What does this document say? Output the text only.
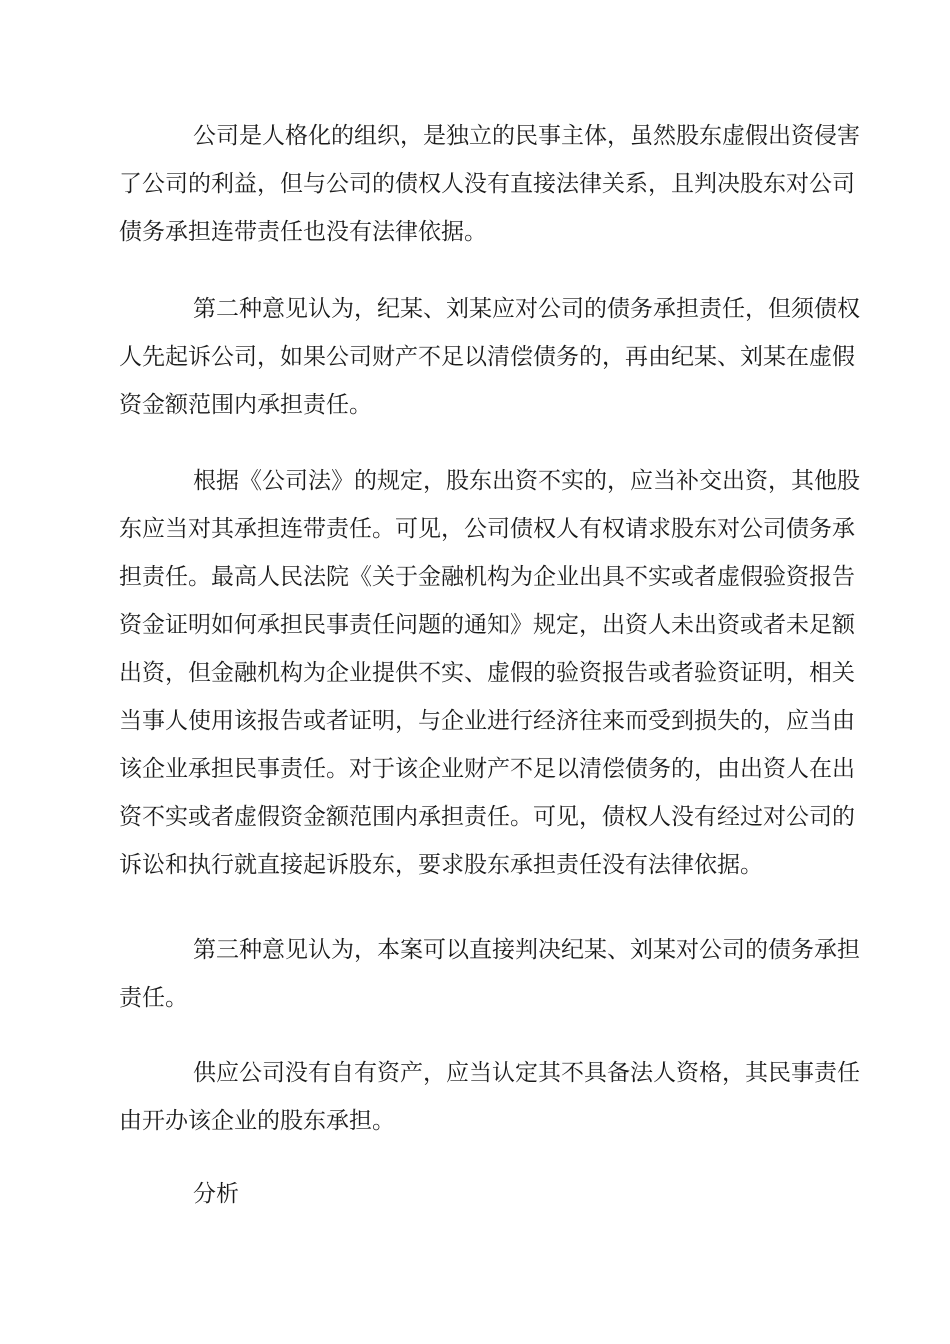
公司是人格化的组织，是独立的民事主体，虽然股东虚假出资侵害
了公司的利益，但与公司的债权人没有直接法律关系，且判决股东对公司
债务承担连带责任也没有法律依据。
第二种意见认为，纪某、刘某应对公司的债务承担责任，但须债权
人先起诉公司，如果公司财产不足以清偿债务的，再由纪某、刘某在虚假
资金额范围内承担责任。
根据《公司法》的规定，股东出资不实的，应当补交出资，其他股
东应当对其承担连带责任。可见，公司债权人有权请求股东对公司债务承
担责任。最高人民法院《关于金融机构为企业出具不实或者虚假验资报告
资金证明如何承担民事责任问题的通知》规定，出资人未出资或者未足额
出资，但金融机构为企业提供不实、虚假的验资报告或者验资证明，相关
当事人使用该报告或者证明，与企业进行经济往来而受到损失的，应当由
该企业承担民事责任。对于该企业财产不足以清偿债务的，由出资人在出
资不实或者虚假资金额范围内承担责任。可见，债权人没有经过对公司的
诉讼和执行就直接起诉股东，要求股东承担责任没有法律依据。
第三种意见认为，本案可以直接判决纪某、刘某对公司的债务承担
责任。
供应公司没有自有资产，应当认定其不具备法人资格，其民事责任
由开办该企业的股东承担。
分析
